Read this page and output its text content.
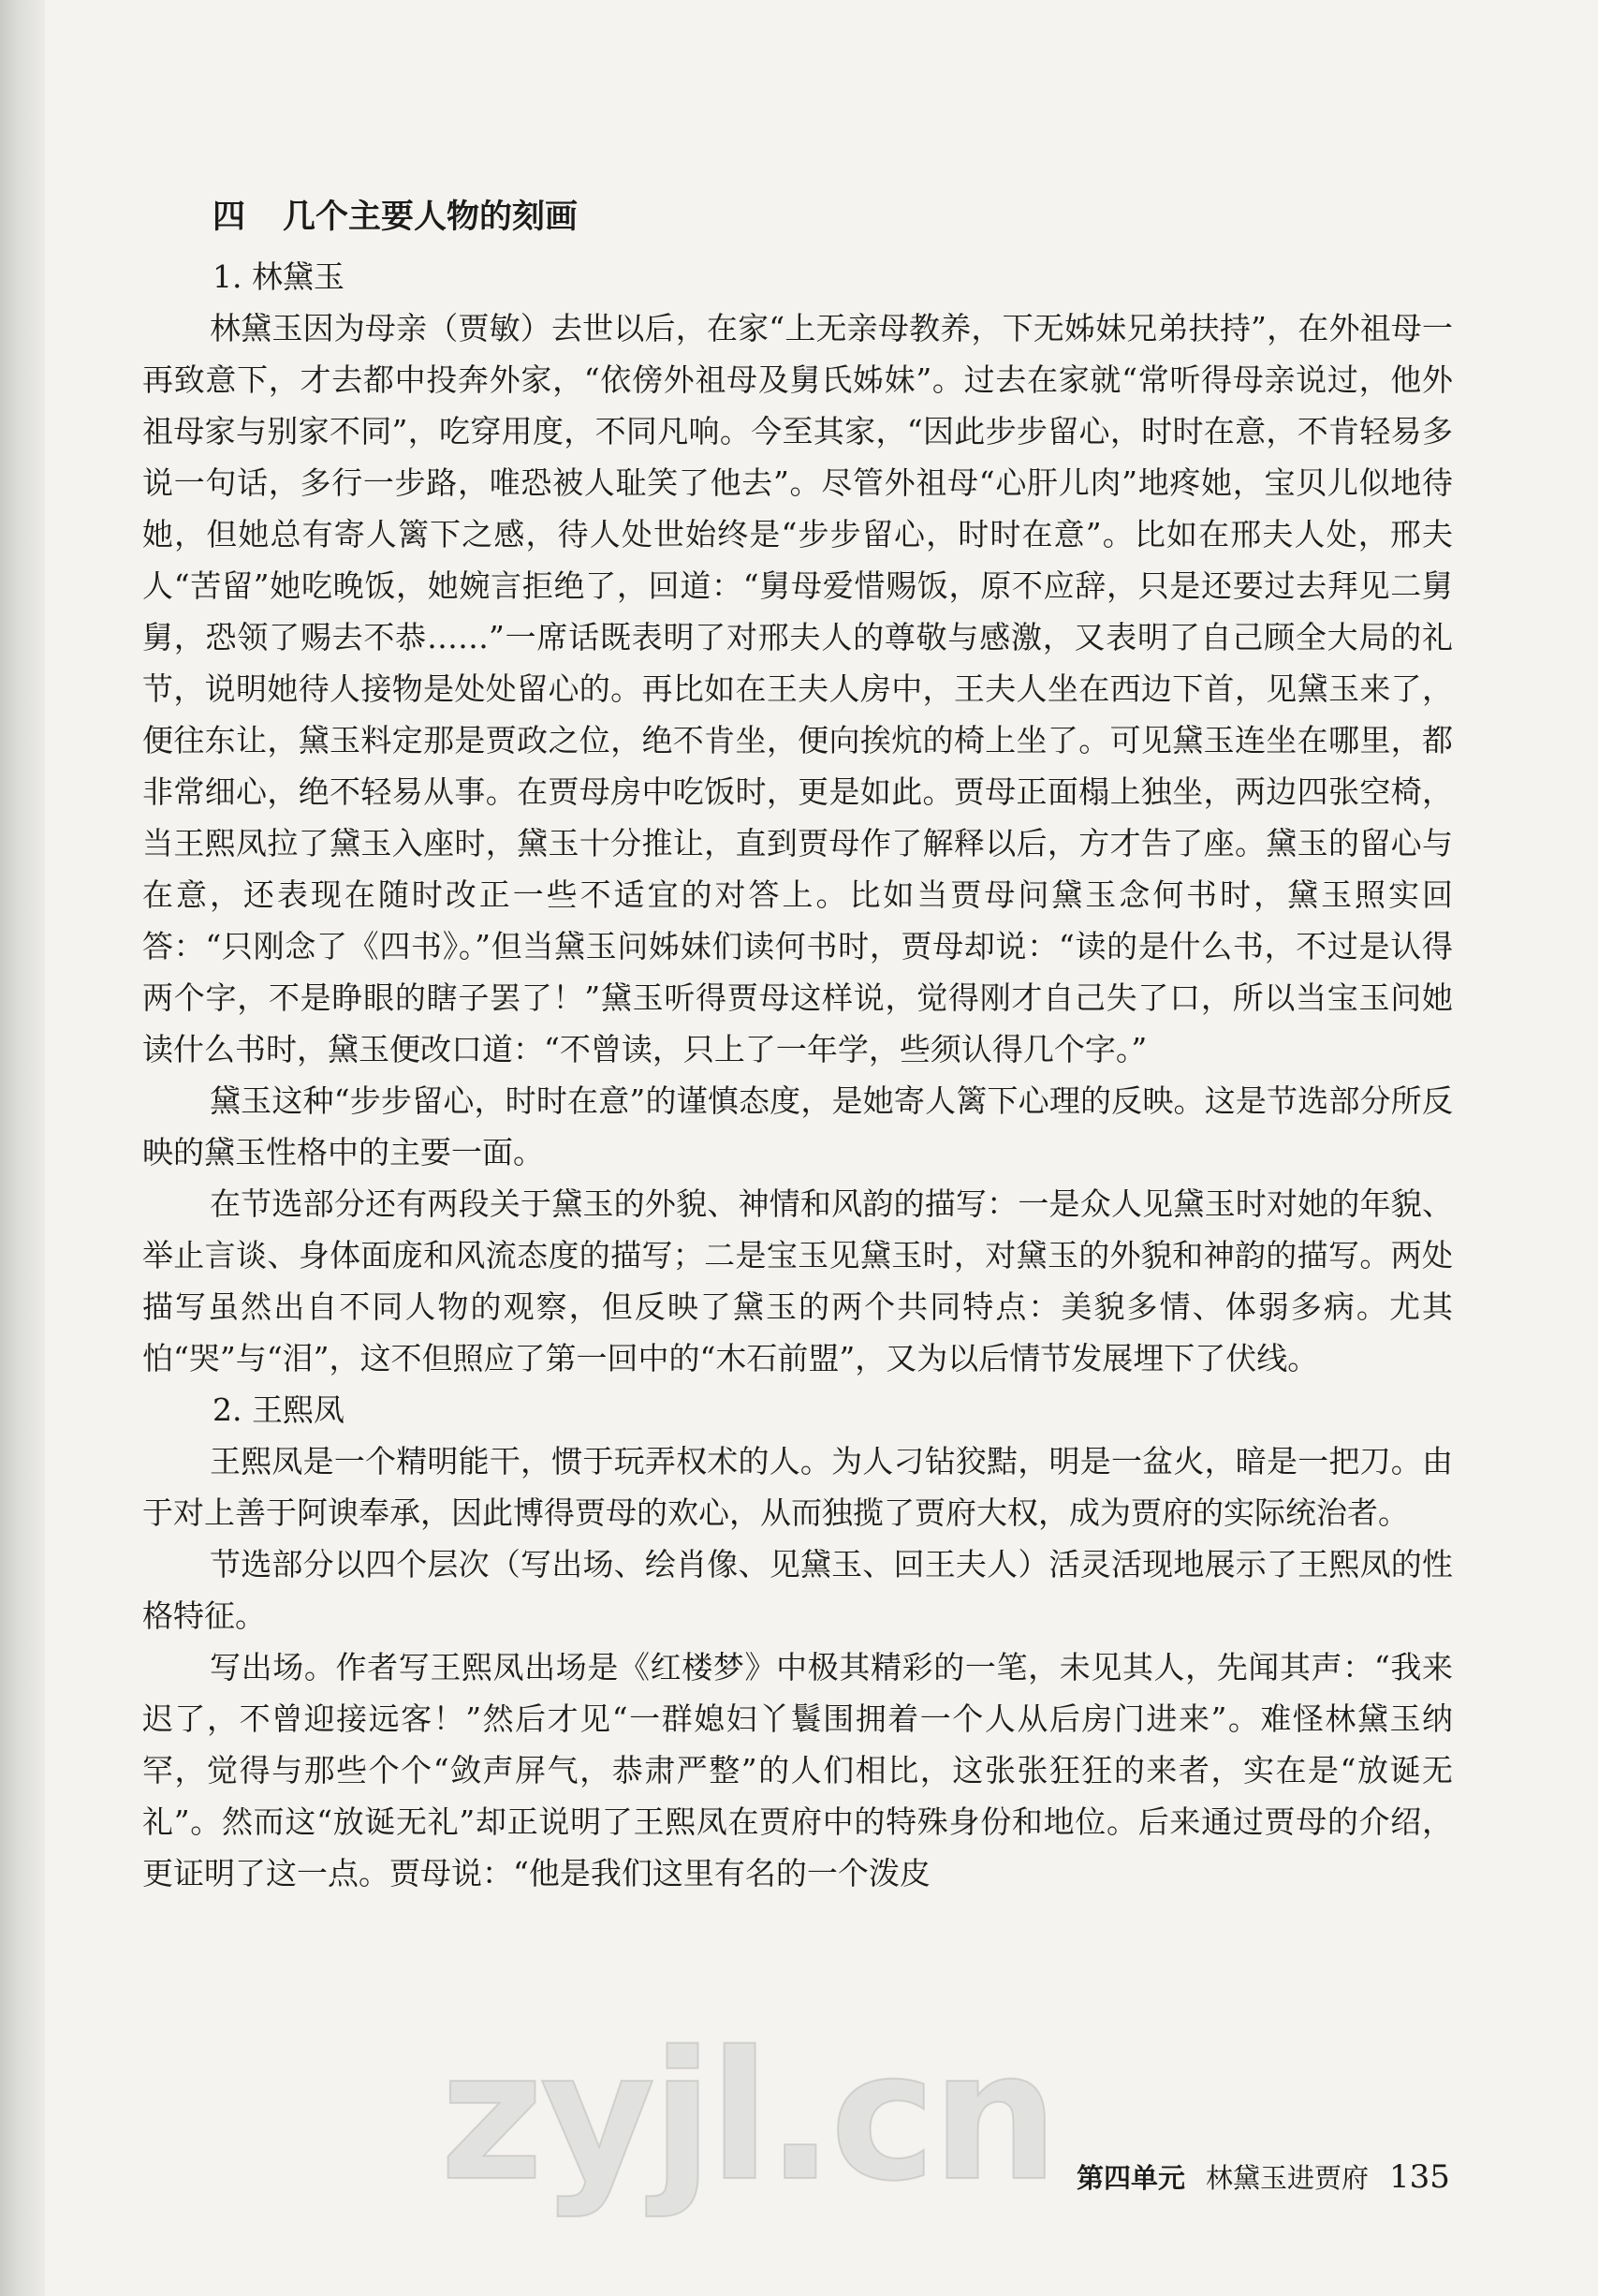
四 几个主要人物的刻画
1. 林黛玉

林黛玉因为母亲（贾敏）去世以后，在家“上无亲母教养，下无姊妹兄弟扶持”，在外祖母一再致意下，才去都中投奔外家，“依傍外祖母及舅氏姊妹”。过去在家就“常听得母亲说过，他外祖母家与别家不同”，吃穿用度，不同凡响。今至其家，“因此步步留心，时时在意，不肯轻易多说一句话，多行一步路，唯恐被人耻笑了他去”。尽管外祖母“心肝儿肉”地疼她，宝贝儿似地待她，但她总有寄人篱下之感，待人处世始终是“步步留心，时时在意”。比如在邢夫人处，邢夫人“苦留”她吃晚饭，她婉言拒绝了，回道：“舅母爱惜赐饭，原不应辞，只是还要过去拜见二舅舅，恐领了赐去不恭……”一席话既表明了对邢夫人的尊敬与感激，又表明了自己顾全大局的礼节，说明她待人接物是处处留心的。再比如在王夫人房中，王夫人坐在西边下首，见黛玉来了，便往东让，黛玉料定那是贾政之位，绝不肯坐，便向挨炕的椅上坐了。可见黛玉连坐在哪里，都非常细心，绝不轻易从事。在贾母房中吃饭时，更是如此。贾母正面榻上独坐，两边四张空椅，当王熙凤拉了黛玉入座时，黛玉十分推让，直到贾母作了解释以后，方才告了座。黛玉的留心与在意，还表现在随时改正一些不适宜的对答上。比如当贾母问黛玉念何书时，黛玉照实回答：“只刚念了《四书》。”但当黛玉问姊妹们读何书时，贾母却说：“读的是什么书，不过是认得两个字，不是睁眼的瞎子罢了！”黛玉听得贾母这样说，觉得刚才自己失了口，所以当宝玉问她读什么书时，黛玉便改口道：“不曾读，只上了一年学，些须认得几个字。”

黛玉这种“步步留心，时时在意”的谨慎态度，是她寄人篱下心理的反映。这是节选部分所反映的黛玉性格中的主要一面。

在节选部分还有两段关于黛玉的外貌、神情和风韵的描写：一是众人见黛玉时对她的年貌、举止言谈、身体面庞和风流态度的描写；二是宝玉见黛玉时，对黛玉的外貌和神韵的描写。两处描写虽然出自不同人物的观察，但反映了黛玉的两个共同特点：美貌多情、体弱多病。尤其怕“哭”与“泪”，这不但照应了第一回中的“木石前盟”，又为以后情节发展埋下了伏线。

2. 王熙凤

王熙凤是一个精明能干，惯于玩弄权术的人。为人刁钻狡黠，明是一盆火，暗是一把刀。由于对上善于阿谀奉承，因此博得贾母的欢心，从而独揽了贾府大权，成为贾府的实际统治者。

节选部分以四个层次（写出场、绘肖像、见黛玉、回王夫人）活灵活现地展示了王熙凤的性格特征。

写出场。作者写王熙凤出场是《红楼梦》中极其精彩的一笔，未见其人，先闻其声：“我来迟了，不曾迎接远客！”然后才见“一群媳妇丫鬟围拥着一个人从后房门进来”。难怪林黛玉纳罕，觉得与那些个个“敛声屏气，恭肃严整”的人们相比，这张张狂狂的来者，实在是“放诞无礼”。然而这“放诞无礼”却正说明了王熙凤在贾府中的特殊身份和地位。后来通过贾母的介绍，更证明了这一点。贾母说：“他是我们这里有名的一个泼皮

zyjl.cn 第四单元 林黛玉进贾府 135
